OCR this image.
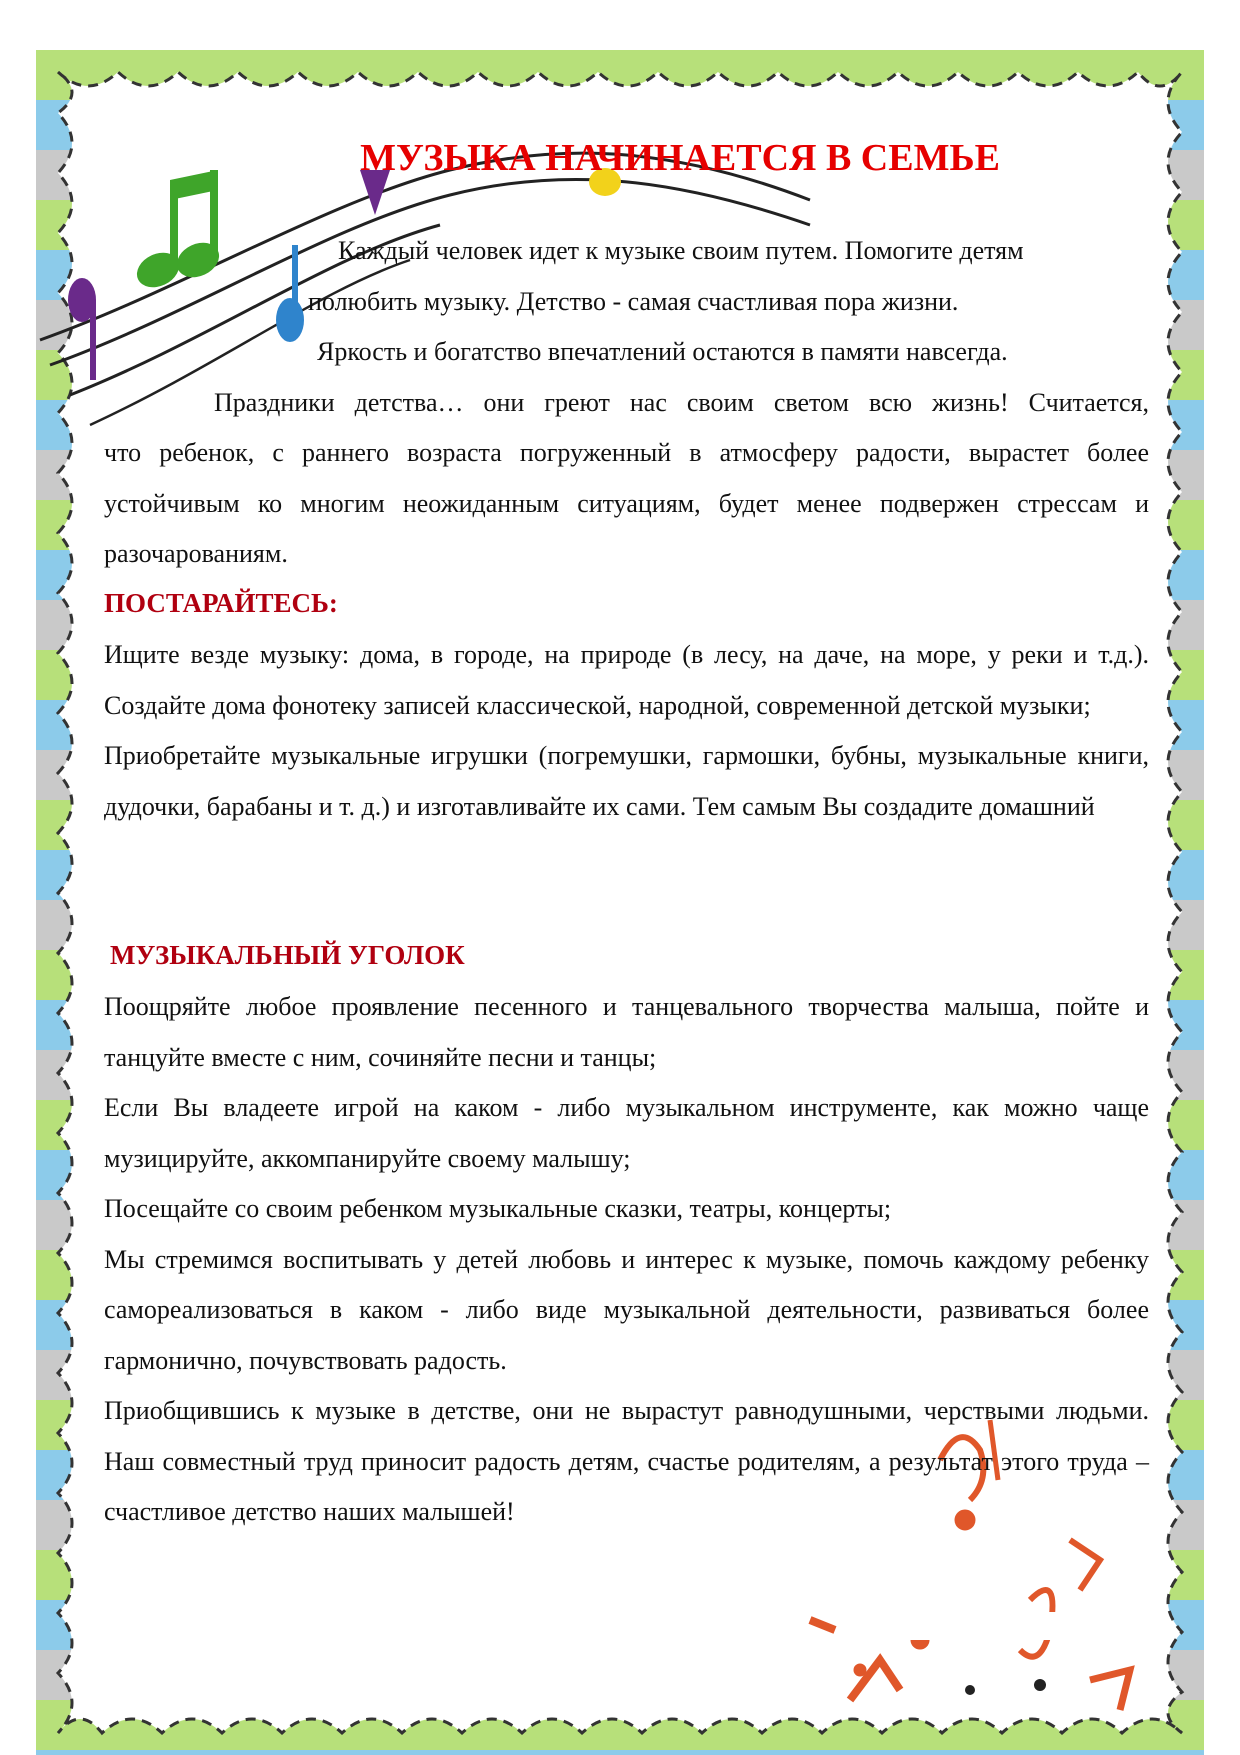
МУЗЫКА НАЧИНАЕТСЯ В СЕМЬЕ
Каждый человек идет к музыке своим путем. Помогите детям
полюбить музыку. Детство - самая счастливая пора жизни.
Яркость и богатство впечатлений остаются в памяти навсегда.
Праздники детства… они греют нас своим светом всю жизнь! Считается,

что ребенок, с раннего возраста погруженный в атмосферу радости, вырастет более устойчивым ко многим неожиданным ситуациям, будет менее подвержен стрессам и разочарованиям.

ПОСТАРАЙТЕСЬ:

Ищите везде музыку: дома, в городе, на природе (в лесу, на даче, на море, у реки и т.д.). Создайте дома фонотеку записей классической, народной, современной детской музыки;

Приобретайте музыкальные игрушки (погремушки, гармошки, бубны, музыкальные книги, дудочки, барабаны и т. д.) и изготавливайте их сами. Тем самым Вы создадите домашний

МУЗЫКАЛЬНЫЙ УГОЛОК

Поощряйте любое проявление песенного и танцевального творчества малыша, пойте и танцуйте вместе с ним, сочиняйте песни и танцы;

Если Вы владеете игрой на каком - либо музыкальном инструменте, как можно чаще музицируйте, аккомпанируйте своему малышу;

Посещайте со своим ребенком музыкальные сказки, театры, концерты;

Мы стремимся воспитывать у детей любовь и интерес к музыке, помочь каждому ребенку самореализоваться в каком - либо виде музыкальной деятельности, развиваться более гармонично, почувствовать радость.

Приобщившись к музыке в детстве, они не вырастут равнодушными, черствыми людьми. Наш совместный труд приносит радость детям, счастье родителям, а результат этого труда – счастливое детство наших малышей!
